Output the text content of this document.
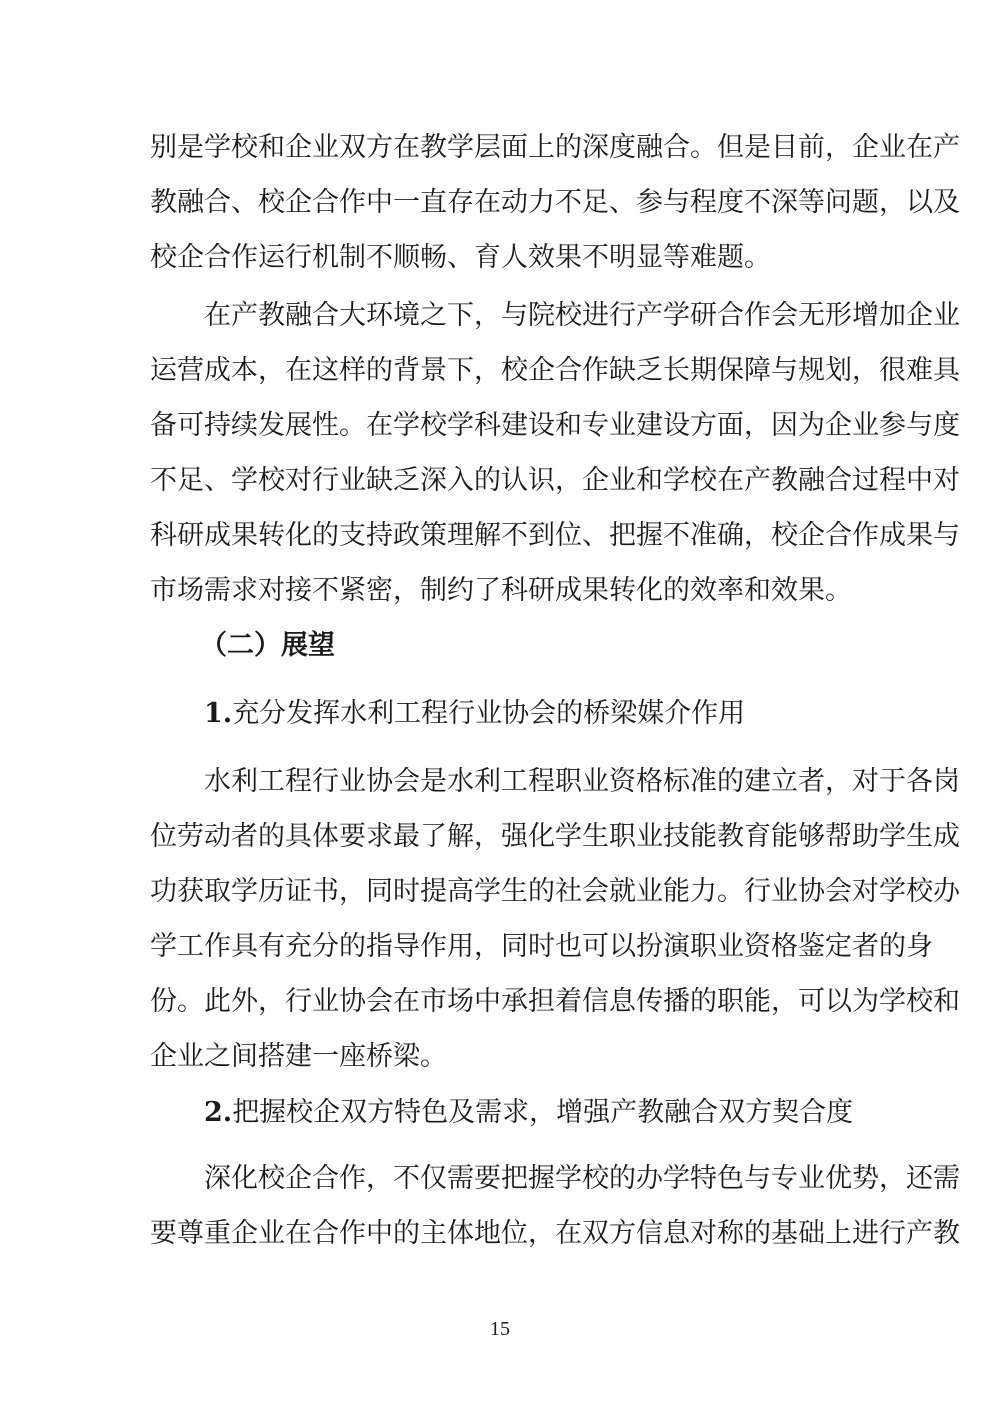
别是学校和企业双方在教学层面上的深度融合。但是目前，企业在产
教融合、校企合作中一直存在动力不足、参与程度不深等问题，以及
校企合作运行机制不顺畅、育人效果不明显等难题。
在产教融合大环境之下，与院校进行产学研合作会无形增加企业
运营成本，在这样的背景下，校企合作缺乏长期保障与规划，很难具
备可持续发展性。在学校学科建设和专业建设方面，因为企业参与度
不足、学校对行业缺乏深入的认识，企业和学校在产教融合过程中对
科研成果转化的支持政策理解不到位、把握不准确，校企合作成果与
市场需求对接不紧密，制约了科研成果转化的效率和效果。
（二）展望
1.充分发挥水利工程行业协会的桥梁媒介作用
水利工程行业协会是水利工程职业资格标准的建立者，对于各岗
位劳动者的具体要求最了解，强化学生职业技能教育能够帮助学生成
功获取学历证书，同时提高学生的社会就业能力。行业协会对学校办
学工作具有充分的指导作用，同时也可以扮演职业资格鉴定者的身
份。此外，行业协会在市场中承担着信息传播的职能，可以为学校和
企业之间搭建一座桥梁。
2.把握校企双方特色及需求，增强产教融合双方契合度
深化校企合作，不仅需要把握学校的办学特色与专业优势，还需
要尊重企业在合作中的主体地位，在双方信息对称的基础上进行产教
15
